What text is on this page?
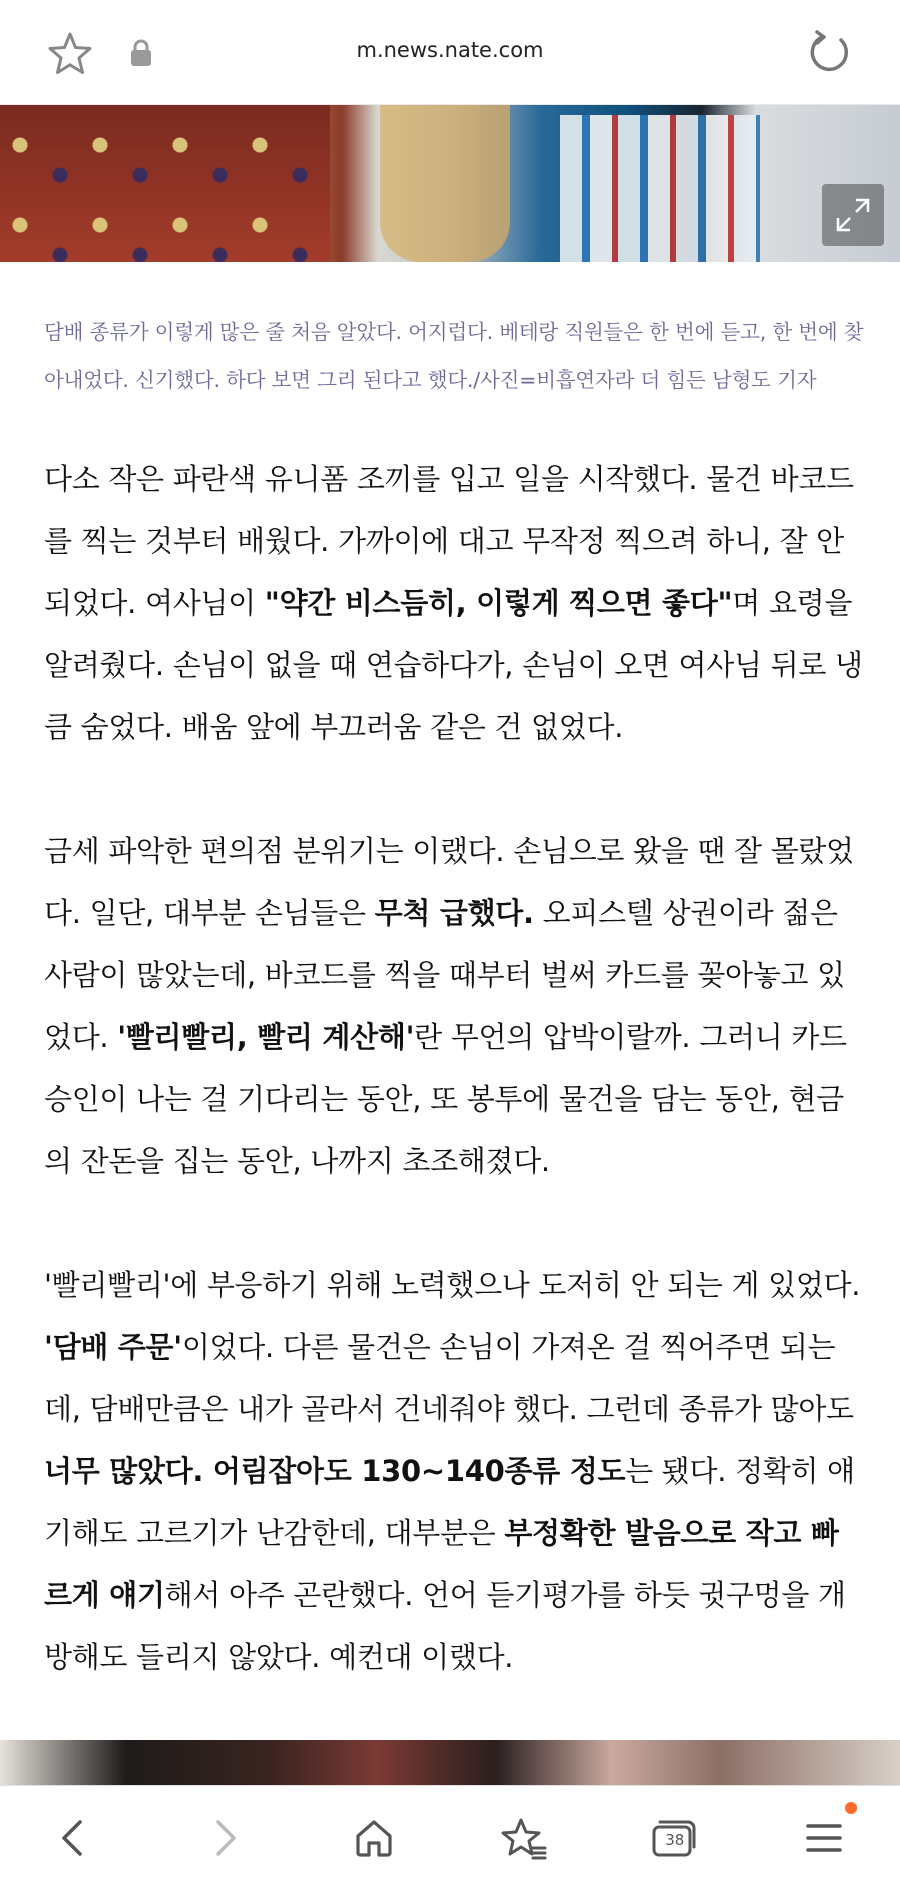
m.news.nate.com
담배 종류가 이렇게 많은 줄 처음 알았다. 어지럽다. 베테랑 직원들은 한 번에 듣고, 한 번에 찾아내었다. 신기했다. 하다 보면 그리 된다고 했다./사진=비흡연자라 더 힘든 남형도 기자

다소 작은 파란색 유니폼 조끼를 입고 일을 시작했다. 물건 바코드를 찍는 것부터 배웠다. 가까이에 대고 무작정 찍으려 하니, 잘 안 되었다. 여사님이 "약간 비스듬히, 이렇게 찍으면 좋다"며 요령을 알려줬다. 손님이 없을 때 연습하다가, 손님이 오면 여사님 뒤로 냉큼 숨었다. 배움 앞에 부끄러움 같은 건 없었다.

금세 파악한 편의점 분위기는 이랬다. 손님으로 왔을 땐 잘 몰랐었다. 일단, 대부분 손님들은 무척 급했다. 오피스텔 상권이라 젊은 사람이 많았는데, 바코드를 찍을 때부터 벌써 카드를 꽂아놓고 있었다. '빨리빨리, 빨리 계산해'란 무언의 압박이랄까. 그러니 카드 승인이 나는 걸 기다리는 동안, 또 봉투에 물건을 담는 동안, 현금의 잔돈을 집는 동안, 나까지 초조해졌다.

'빨리빨리'에 부응하기 위해 노력했으나 도저히 안 되는 게 있었다. '담배 주문'이었다. 다른 물건은 손님이 가져온 걸 찍어주면 되는데, 담배만큼은 내가 골라서 건네줘야 했다. 그런데 종류가 많아도 너무 많았다. 어림잡아도 130~140종류 정도는 됐다. 정확히 얘기해도 고르기가 난감한데, 대부분은 부정확한 발음으로 작고 빠르게 얘기해서 아주 곤란했다. 언어 듣기평가를 하듯 귓구멍을 개방해도 들리지 않았다. 예컨대 이랬다.

38
